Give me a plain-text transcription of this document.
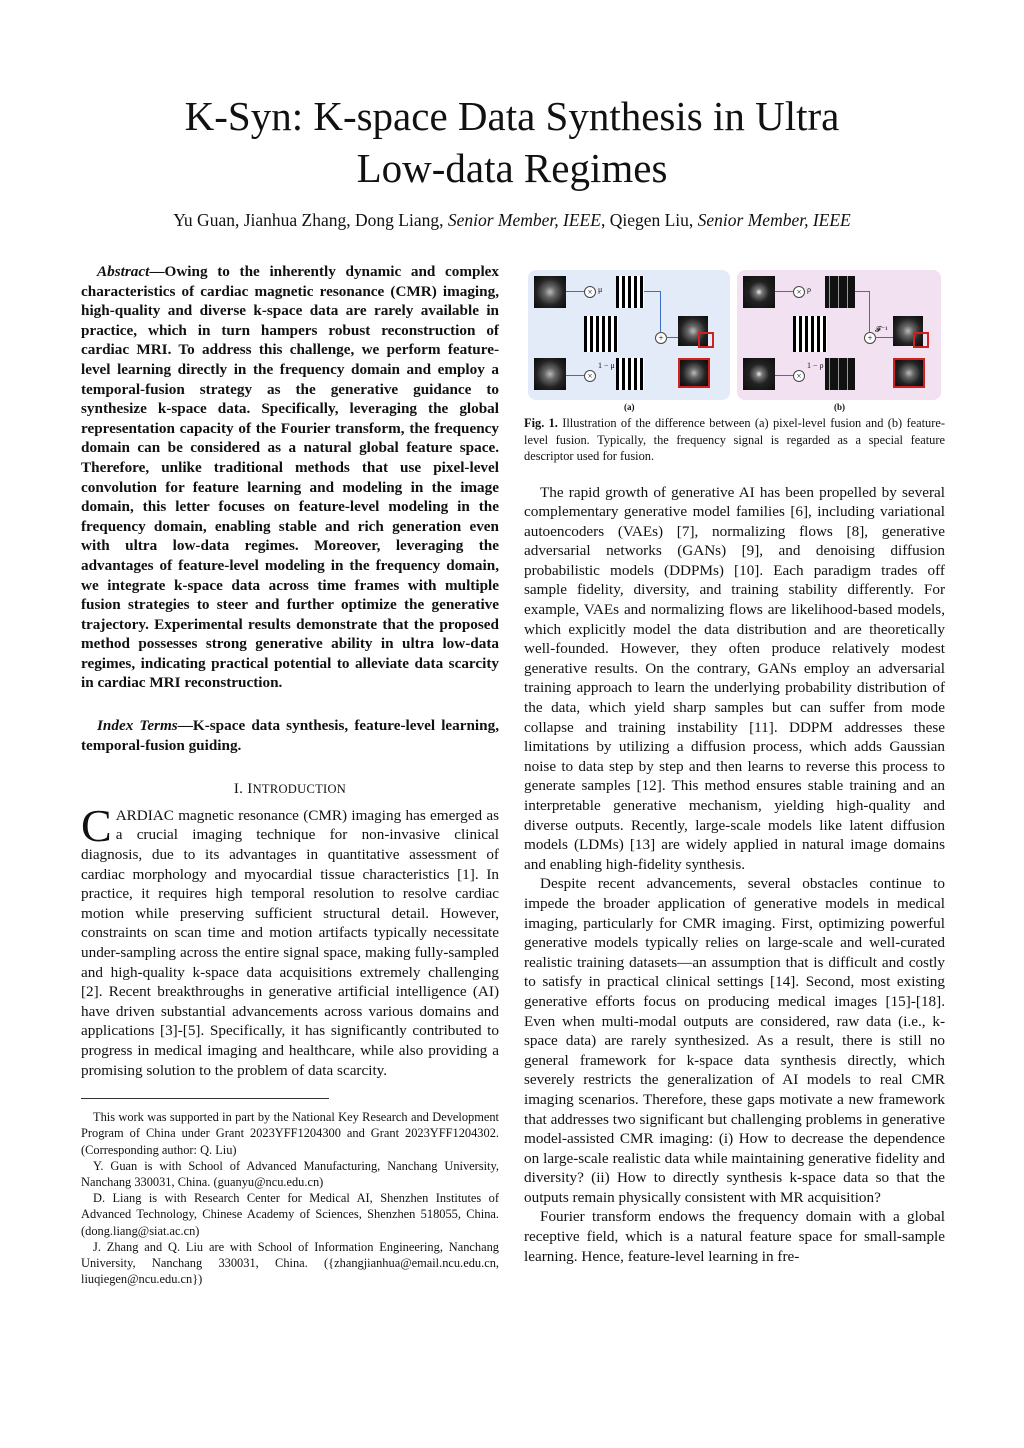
K-Syn: K-space Data Synthesis in Ultra
Low-data Regimes
Yu Guan, Jianhua Zhang, Dong Liang, Senior Member, IEEE, Qiegen Liu, Senior Member, IEEE

Abstract—Owing to the inherently dynamic and complex characteristics of cardiac magnetic resonance (CMR) imaging, high-quality and diverse k-space data are rarely available in practice, which in turn hampers robust reconstruction of cardiac MRI. To address this challenge, we perform feature-level learning directly in the frequency domain and employ a temporal-fusion strategy as the generative guidance to synthesize k-space data. Specifically, leveraging the global representation capacity of the Fourier transform, the frequency domain can be considered as a natural global feature space. Therefore, unlike traditional methods that use pixel-level convolution for feature learning and modeling in the image domain, this letter focuses on feature-level modeling in the frequency domain, enabling stable and rich generation even with ultra low-data regimes. Moreover, leveraging the advantages of feature-level modeling in the frequency domain, we integrate k-space data across time frames with multiple fusion strategies to steer and further optimize the generative trajectory. Experimental results demonstrate that the proposed method possesses strong generative ability in ultra low-data regimes, indicating practical potential to alleviate data scarcity in cardiac MRI reconstruction.

Index Terms—K-space data synthesis, feature-level learning, temporal-fusion guiding.

I. INTRODUCTION

CARDIAC magnetic resonance (CMR) imaging has emerged as a crucial imaging technique for non-invasive clinical diagnosis, due to its advantages in quantitative assessment of cardiac morphology and myocardial tissue characteristics [1]. In practice, it requires high temporal resolution to resolve cardiac motion while preserving sufficient structural detail. However, constraints on scan time and motion artifacts typically necessitate under-sampling across the entire signal space, making fully-sampled and high-quality k-space data acquisitions extremely challenging [2]. Recent breakthroughs in generative artificial intelligence (AI) have driven substantial advancements across various domains and applications [3]-[5]. Specifically, it has significantly contributed to progress in medical imaging and healthcare, while also providing a promising solution to the problem of data scarcity.

This work was supported in part by the National Key Research and Development Program of China under Grant 2023YFF1204300 and Grant 2023YFF1204302. (Corresponding author: Q. Liu)

Y. Guan is with School of Advanced Manufacturing, Nanchang University, Nanchang 330031, China. (guanyu@ncu.edu.cn)

D. Liang is with Research Center for Medical AI, Shenzhen Institutes of Advanced Technology, Chinese Academy of Sciences, Shenzhen 518055, China. (dong.liang@siat.ac.cn)

J. Zhang and Q. Liu are with School of Information Engineering, Nanchang University, Nanchang 330031, China. ({zhangjianhua@email.ncu.edu.cn, liuqiegen@ncu.edu.cn})

× μ
×
1 − μ
+
× ρ
×
1 − ρ
+
𝓕⁻¹
(a)	(b)

Fig. 1. Illustration of the difference between (a) pixel-level fusion and (b) feature-level fusion. Typically, the frequency signal is regarded as a special feature descriptor used for fusion.

The rapid growth of generative AI has been propelled by several complementary generative model families [6], including variational autoencoders (VAEs) [7], normalizing flows [8], generative adversarial networks (GANs) [9], and denoising diffusion probabilistic models (DDPMs) [10]. Each paradigm trades off sample fidelity, diversity, and training stability differently. For example, VAEs and normalizing flows are likelihood-based models, which explicitly model the data distribution and are theoretically well-founded. However, they often produce relatively modest generative results. On the contrary, GANs employ an adversarial training approach to learn the underlying probability distribution of the data, which yield sharp samples but can suffer from mode collapse and training instability [11]. DDPM addresses these limitations by utilizing a diffusion process, which adds Gaussian noise to data step by step and then learns to reverse this process to generate samples [12]. This method ensures stable training and an interpretable generative mechanism, yielding high-quality and diverse outputs. Recently, large-scale models like latent diffusion models (LDMs) [13] are widely applied in natural image domains and enabling high-fidelity synthesis.

Despite recent advancements, several obstacles continue to impede the broader application of generative models in medical imaging, particularly for CMR imaging. First, optimizing powerful generative models typically relies on large-scale and well-curated realistic training datasets—an assumption that is difficult and costly to satisfy in practical clinical settings [14]. Second, most existing generative efforts focus on producing medical images [15]-[18]. Even when multi-modal outputs are considered, raw data (i.e., k-space data) are rarely synthesized. As a result, there is still no general framework for k-space data synthesis directly, which severely restricts the generalization of AI models to real CMR imaging scenarios. Therefore, these gaps motivate a new framework that addresses two significant but challenging problems in generative model-assisted CMR imaging: (i) How to decrease the dependence on large-scale realistic data while maintaining generative fidelity and diversity? (ii) How to directly synthesis k-space data so that the outputs remain physically consistent with MR acquisition?

Fourier transform endows the frequency domain with a global receptive field, which is a natural feature space for small-sample learning. Hence, feature-level learning in fre-
